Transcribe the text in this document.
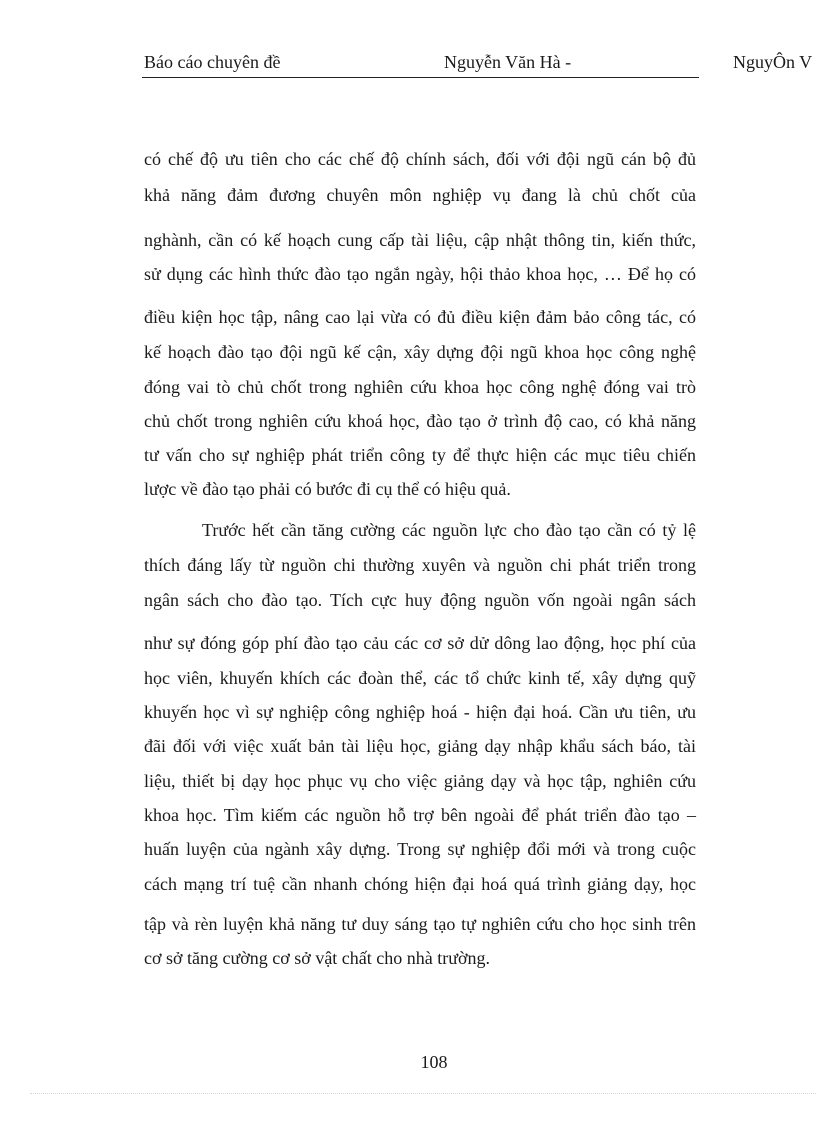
Báo cáo chuyên đề	Nguyễn Văn Hà -	NguyÔn V
có chế độ ưu tiên cho các chế độ chính sách, đối với đội ngũ cán bộ đủ
khả năng đảm đương chuyên môn nghiệp vụ đang là chủ chốt của
nghành, cần có kế hoạch cung cấp tài liệu, cập nhật thông tin, kiến thức,
sử dụng các hình thức đào tạo ngắn ngày, hội thảo khoa học, … Để họ có
điều kiện học tập, nâng cao lại vừa có đủ điều kiện đảm bảo công tác, có
kế hoạch đào tạo đội ngũ kế cận, xây dựng đội ngũ khoa học công nghệ
đóng vai tò chủ chốt trong nghiên cứu khoa học công nghệ đóng vai trò
chủ chốt trong nghiên cứu khoá học, đào tạo ở trình độ cao, có khả năng
tư vấn cho sự nghiệp phát triển công ty để thực hiện các mục tiêu chiến
lược về đào tạo phải có bước đi cụ thể có hiệu quả.
Trước hết cần tăng cường các nguồn lực cho đào tạo cần có tỷ lệ
thích đáng lấy từ nguồn chi thường xuyên và nguồn chi phát triển trong
ngân sách cho đào tạo. Tích cực huy động nguồn vốn ngoài ngân sách
như sự đóng góp phí đào tạo cảu các cơ sở dử dông lao động, học phí của
học viên, khuyến khích các đoàn thể, các tổ chức kinh tế, xây dựng quỹ
khuyến học vì sự nghiệp công nghiệp hoá - hiện đại hoá. Cần ưu tiên, ưu
đãi đối với việc xuất bản tài liệu học, giảng dạy nhập khẩu sách báo, tài
liệu, thiết bị dạy học phục vụ cho việc giảng dạy và học tập, nghiên cứu
khoa học. Tìm kiếm các nguồn hỗ trợ bên ngoài để phát triển đào tạo –
huấn luyện của ngành xây dựng. Trong sự nghiệp đổi mới và trong cuộc
cách mạng trí tuệ cần nhanh chóng hiện đại hoá quá trình giảng dạy, học
tập và rèn luyện khả năng tư duy sáng tạo tự nghiên cứu cho học sinh trên
cơ sở tăng cường cơ sở vật chất cho nhà trường.
108
